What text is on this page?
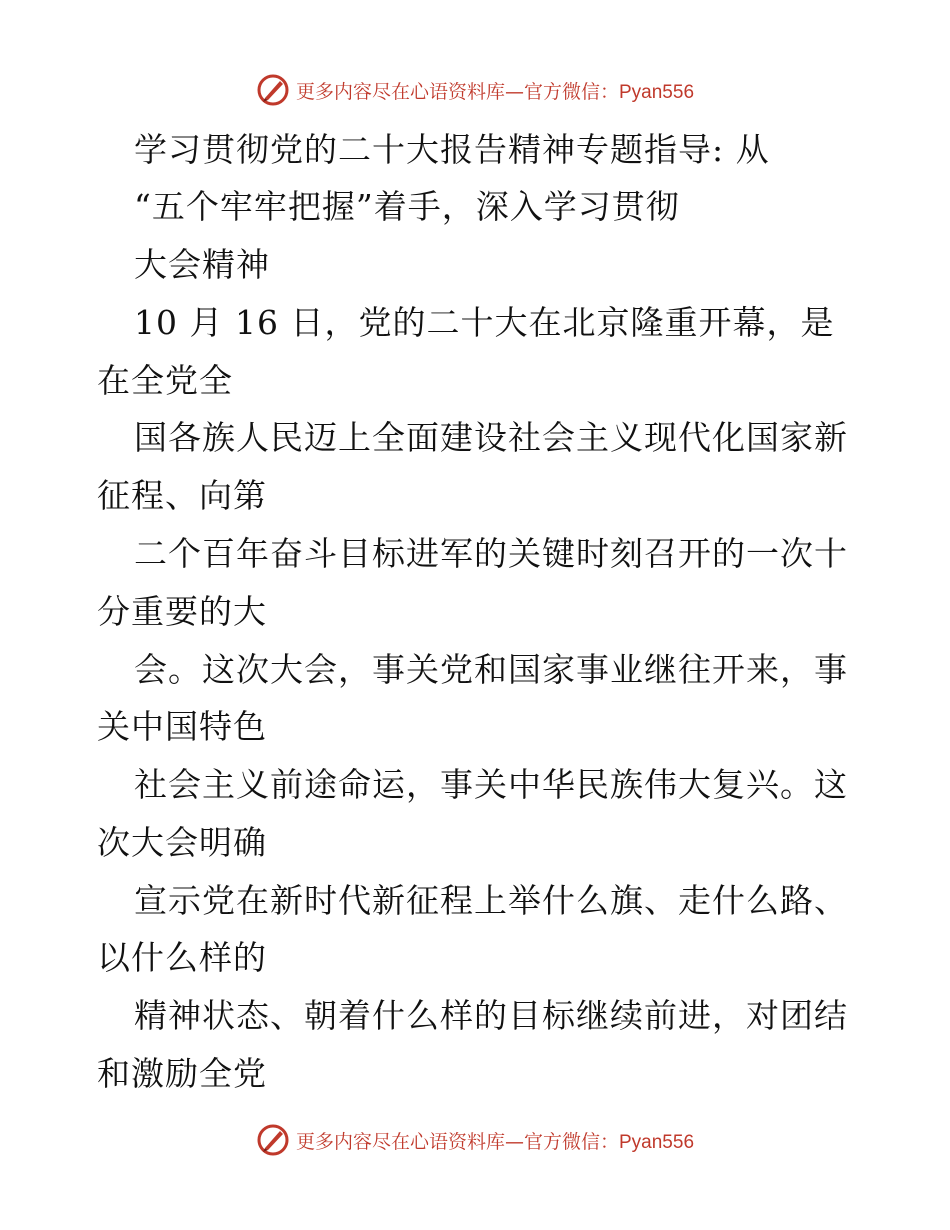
更多内容尽在心语资料库—官方微信：Pyan556
学习贯彻党的二十大报告精神专题指导: 从
“五个牢牢把握”着手，深入学习贯彻
大会精神
10 月 16 日，党的二十大在北京隆重开幕，是
在全党全
国各族人民迈上全面建设社会主义现代化国家新
征程、向第
二个百年奋斗目标进军的关键时刻召开的一次十
分重要的大
会。这次大会，事关党和国家事业继往开来，事
关中国特色
社会主义前途命运，事关中华民族伟大复兴。这
次大会明确
宣示党在新时代新征程上举什么旗、走什么路、
以什么样的
精神状态、朝着什么样的目标继续前进，对团结
和激励全党
更多内容尽在心语资料库—官方微信：Pyan556
